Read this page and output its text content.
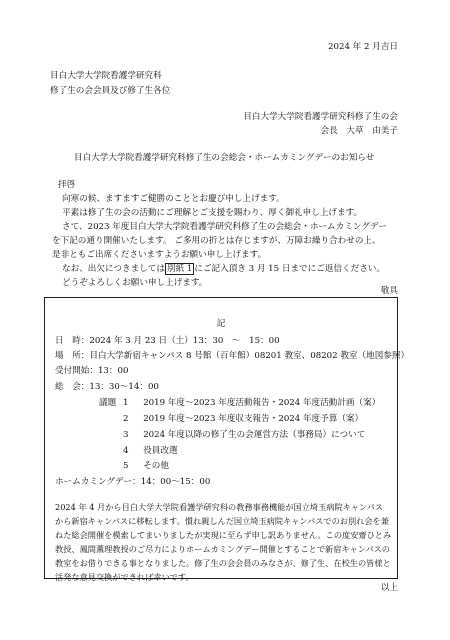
2024 年 2 月吉日
目白大学大学院看護学研究科
修了生の会会員及び修了生各位
目白大学大学院看護学研究科修了生の会
会長　大草　由美子
目白大学大学院看護学研究科修了生の会総会・ホームカミングデーのお知らせ
拝啓
向寒の候、ますますご健勝のこととお慶び申し上げます。
平素は修了生の会の活動にご理解とご支援を賜わり、厚く御礼申し上げます。
さて、2023 年度目白大学大学院看護学研究科修了生の会総会・ホームカミングデー
を下記の通り開催いたします。 ご多用の折とは存じますが、万障お繰り合わせの上、
是非ともご出席くださいますようお願い申し上げます。
なお、出欠につきましては 別紙 1 にご記入頂き 3 月 15 日までにご返信ください。
どうぞよろしくお願い申し上げます。
敬具
記
日　時：2024 年 3 月 23 日（土）13：30　～　15：00
場　所：目白大学新宿キャンパス 8 号館（百年館）08201 教室、08202 教室（地図参照）
受付開始：13：00
総　会：13：30～14：00
議題 1 2019 年度～2023 年度活動報告・2024 年度活動計画（案）
2 2019 年度～2023 年度収支報告・2024 年度予算（案）
3 2024 年度以降の修了生の会運営方法（事務局）について
4 役員改選
5 その他
ホームカミングデー：14：00～15：00
2024 年 4 月から目白大学大学院看護学研究科の教務事務機能が国立埼玉病院キャンパス
から新宿キャンパスに移転します。慣れ親しんだ国立埼玉病院キャンパスでのお別れ会を兼
ねた総会開催を模索してまいりましたが実現に至らず申し訳ありません。この度安齋ひとみ
教授、鳳間薫理教授のご尽力によりホームカミングデー開催とすることで新宿キャンパスの
教室をお借りできる事となりました。修了生の会会員のみなさが、修了生、在校生の皆様と
活発な意見交換ができれば幸いです。
以上
